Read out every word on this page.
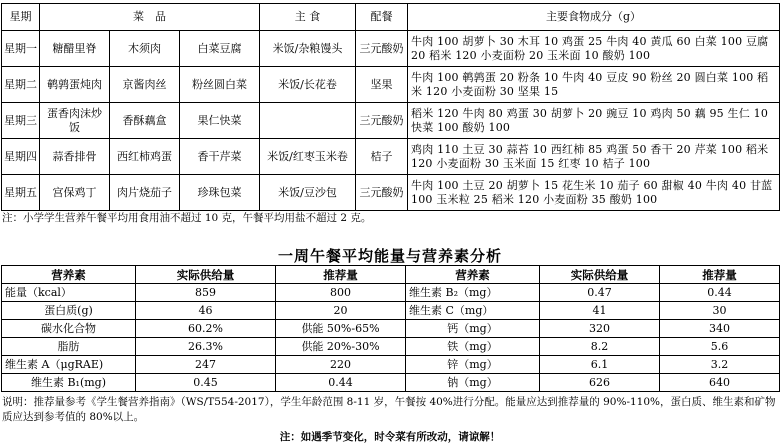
星期	菜　品			主 食	配餐	主要食物成分（g）
星期一	糖醋里脊	木须肉	白菜豆腐	米饭/杂粮馒头	三元酸奶	牛肉 100 胡萝卜 30 木耳 10 鸡蛋 25 牛肉 40 黄瓜 60 白菜 100 豆腐 20 稻米 120 小麦面粉 20 玉米面 10 酸奶 100
星期二	鹌鹑蛋炖肉	京酱肉丝	粉丝圆白菜	米饭/长花卷	坚果	牛肉 100 鹌鹑蛋 20 粉条 10 牛肉 40 豆皮 90 粉丝 20 圆白菜 100 稻米 120 小麦面粉 30 坚果 15
星期三	蛋香肉沫炒饭	香酥藕盒	果仁快菜		三元酸奶	稻米 120 牛肉 80 鸡蛋 30 胡萝卜 20 豌豆 10 鸡肉 50 藕 95 生仁 10 快菜 100 酸奶 100
星期四	蒜香排骨	西红柿鸡蛋	香干芹菜	米饭/红枣玉米卷	桔子	鸡肉 110 土豆 30 蒜苔 10 西红柿 85 鸡蛋 50 香干 20 芹菜 100 稻米 120 小麦面粉 30 玉米面 15 红枣 10 桔子 100
星期五	宫保鸡丁	肉片烧茄子	珍珠包菜	米饭/豆沙包	三元酸奶	牛肉 100 土豆 20 胡萝卜 15 花生米 10 茄子 60 甜椒 40 牛肉 40 甘蓝 100 玉米粒 25 稻米 120 小麦面粉 35 酸奶 100
注：小学学生营养午餐平均用食用油不超过 10 克，午餐平均用盐不超过 2 克。
一周午餐平均能量与营养素分析
营养素	实际供给量	推荐量	营养素	实际供给量	推荐量
能量（kcal）	859	800	维生素 B₂（mg）	0.47	0.44
蛋白质(g)	46	20	维生素 C（mg）	41	30
碳水化合物	60.2%	供能 50%-65%	钙（mg）	320	340
脂肪	26.3%	供能 20%-30%	铁（mg）	8.2	5.6
维生素 A（μgRAE)	247	220	锌（mg）	6.1	3.2
维生素 B₁(mg)	0.45	0.44	钠（mg）	626	640
说明：推荐量参考《学生餐营养指南》（WS/T554-2017），学生年龄范围 8-11 岁，午餐按 40%进行分配。能量应达到推荐量的 90%-110%，蛋白质、维生素和矿物质应达到参考值的 80%以上。
注：如遇季节变化，时令菜有所改动，请谅解！
